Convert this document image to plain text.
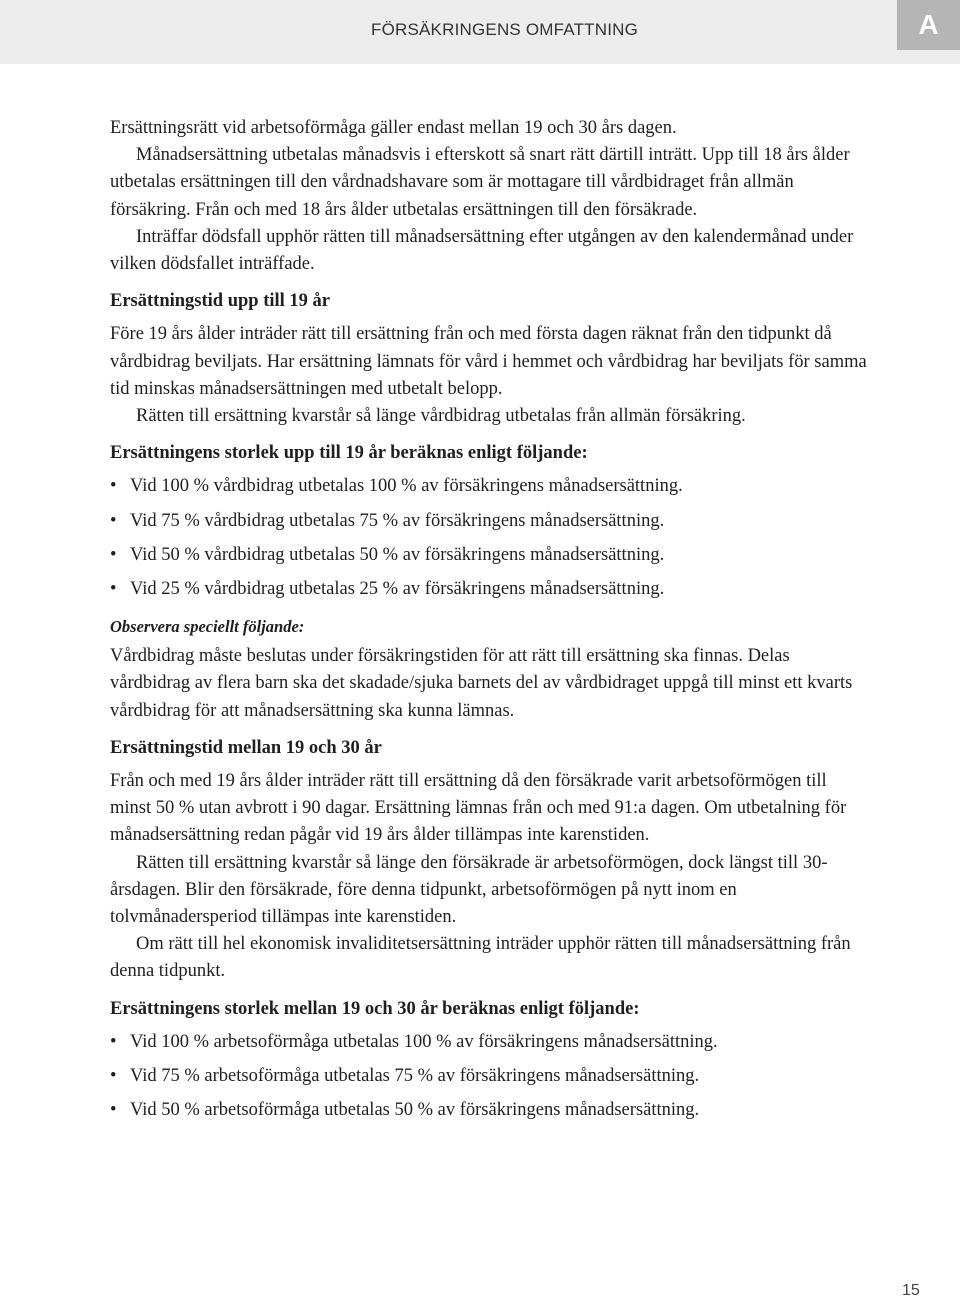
FÖRSÄKRINGENS OMFATTNING	A

Ersättningsrätt vid arbetsoförmåga gäller endast mellan 19 och 30 års dagen.

Månadsersättning utbetalas månadsvis i efterskott så snart rätt därtill inträtt. Upp till 18 års ålder utbetalas ersättningen till den vårdnadshavare som är mottagare till vårdbidraget från allmän försäkring. Från och med 18 års ålder utbetalas ersättningen till den försäkrade.

Inträffar dödsfall upphör rätten till månadsersättning efter utgången av den kalendermånad under vilken dödsfallet inträffade.

Ersättningstid upp till 19 år

Före 19 års ålder inträder rätt till ersättning från och med första dagen räknat från den tidpunkt då vårdbidrag beviljats. Har ersättning lämnats för vård i hemmet och vårdbidrag har beviljats för samma tid minskas månadsersättningen med utbetalt belopp.

Rätten till ersättning kvarstår så länge vårdbidrag utbetalas från allmän försäkring.

Ersättningens storlek upp till 19 år beräknas enligt följande:
• Vid 100 % vårdbidrag utbetalas 100 % av försäkringens månadsersättning.
• Vid 75 % vårdbidrag utbetalas 75 % av försäkringens månadsersättning.
• Vid 50 % vårdbidrag utbetalas 50 % av försäkringens månadsersättning.
• Vid 25 % vårdbidrag utbetalas 25 % av försäkringens månadsersättning.
Observera speciellt följande:

Vårdbidrag måste beslutas under försäkringstiden för att rätt till ersättning ska finnas. Delas vårdbidrag av flera barn ska det skadade/sjuka barnets del av vårdbidraget uppgå till minst ett kvarts vårdbidrag för att månadsersättning ska kunna lämnas.

Ersättningstid mellan 19 och 30 år

Från och med 19 års ålder inträder rätt till ersättning då den försäkrade varit arbetsoförmögen till minst 50 % utan avbrott i 90 dagar. Ersättning lämnas från och med 91:a dagen. Om utbetalning för månadsersättning redan pågår vid 19 års ålder tillämpas inte karenstiden.

Rätten till ersättning kvarstår så länge den försäkrade är arbetsoförmögen, dock längst till 30-årsdagen. Blir den försäkrade, före denna tidpunkt, arbetsoförmögen på nytt inom en tolvmånadersperiod tillämpas inte karenstiden.

Om rätt till hel ekonomisk invaliditetsersättning inträder upphör rätten till månadsersättning från denna tidpunkt.

Ersättningens storlek mellan 19 och 30 år beräknas enligt följande:
• Vid 100 % arbetsoförmåga utbetalas 100 % av försäkringens månadsersättning.
• Vid 75 % arbetsoförmåga utbetalas 75 % av försäkringens månadsersättning.
• Vid 50 % arbetsoförmåga utbetalas 50 % av försäkringens månadsersättning.
15
